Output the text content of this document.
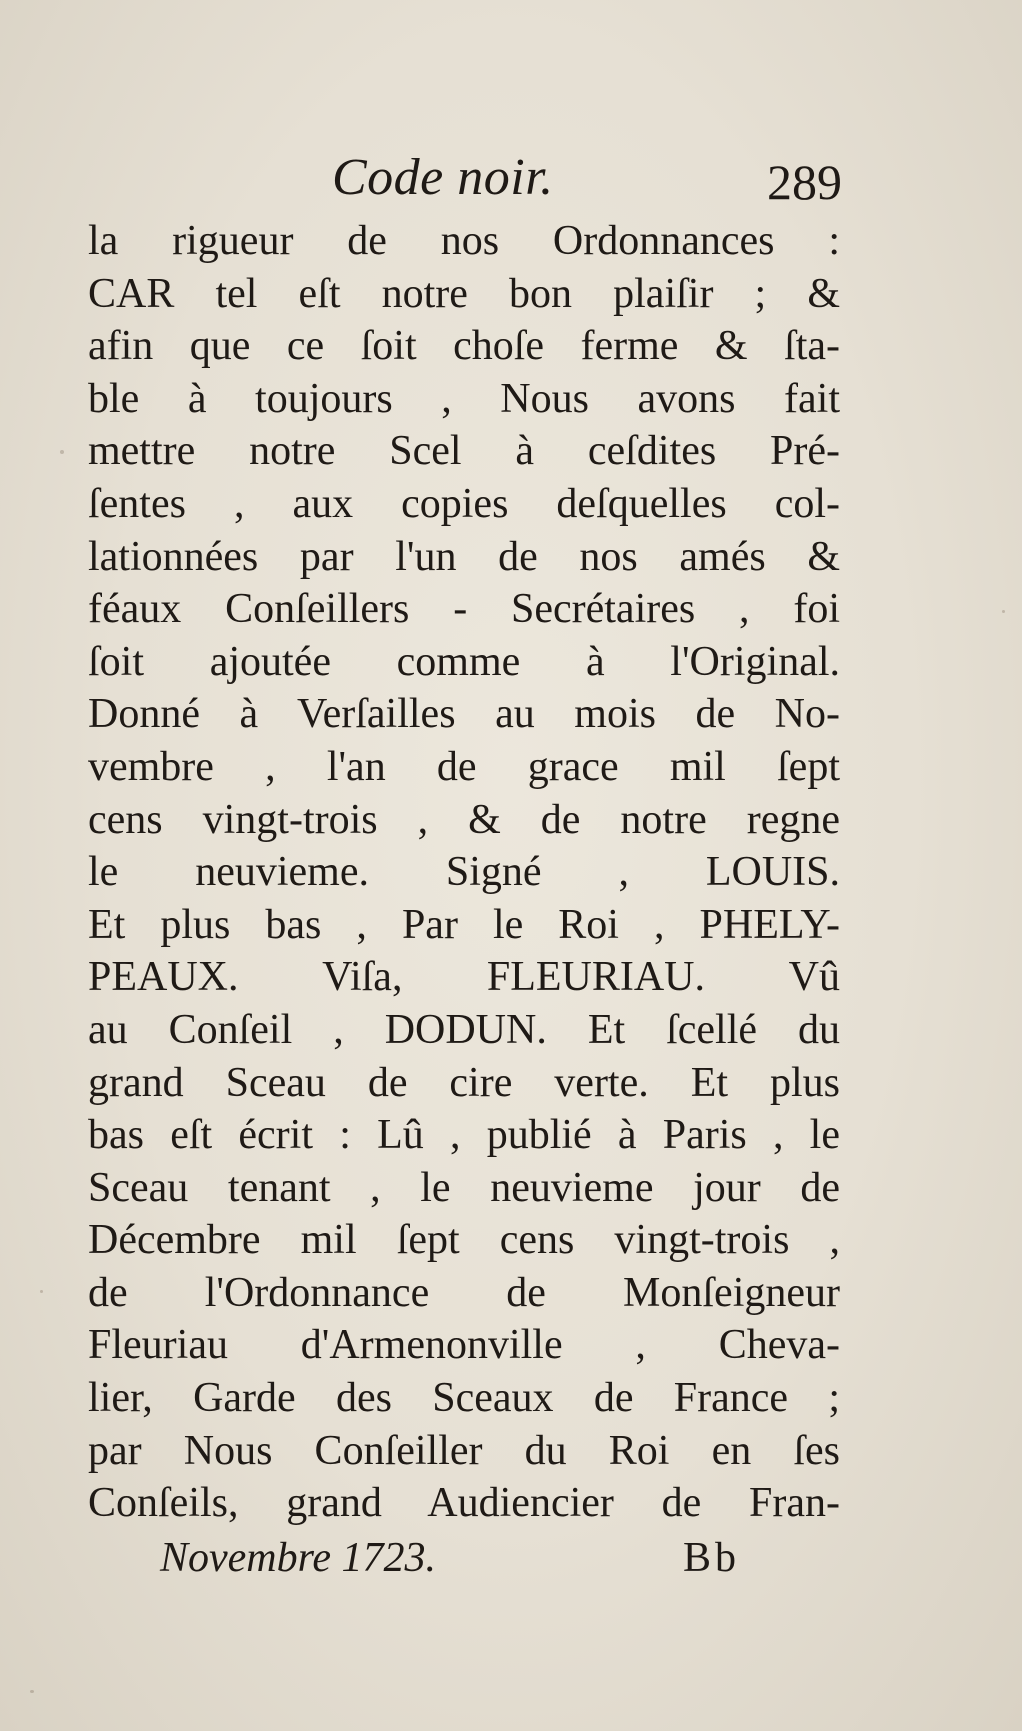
Code noir.	289
la rigueur de nos Ordonnances :
CAR tel eſt notre bon plaiſir ; &
afin que ce ſoit choſe ferme & ſta-
ble à toujours , Nous avons fait
mettre notre Scel à ceſdites Pré-
ſentes , aux copies deſquelles col-
lationnées par l'un de nos amés &
féaux Conſeillers - Secrétaires , foi
ſoit ajoutée comme à l'Original.
Donné à Verſailles au mois de No-
vembre , l'an de grace mil ſept
cens vingt-trois , & de notre regne
le neuvieme. Signé , LOUIS.
Et plus bas , Par le Roi , PHELY-
PEAUX. Viſa, FLEURIAU. Vû
au Conſeil , DODUN. Et ſcellé du
grand Sceau de cire verte. Et plus
bas eſt écrit : Lû , publié à Paris , le
Sceau tenant , le neuvieme jour de
Décembre mil ſept cens vingt-trois ,
de l'Ordonnance de Monſeigneur
Fleuriau d'Armenonville , Cheva-
lier, Garde des Sceaux de France ;
par Nous Conſeiller du Roi en ſes
Conſeils, grand Audiencier de Fran-
Novembre 1723.	Bb
